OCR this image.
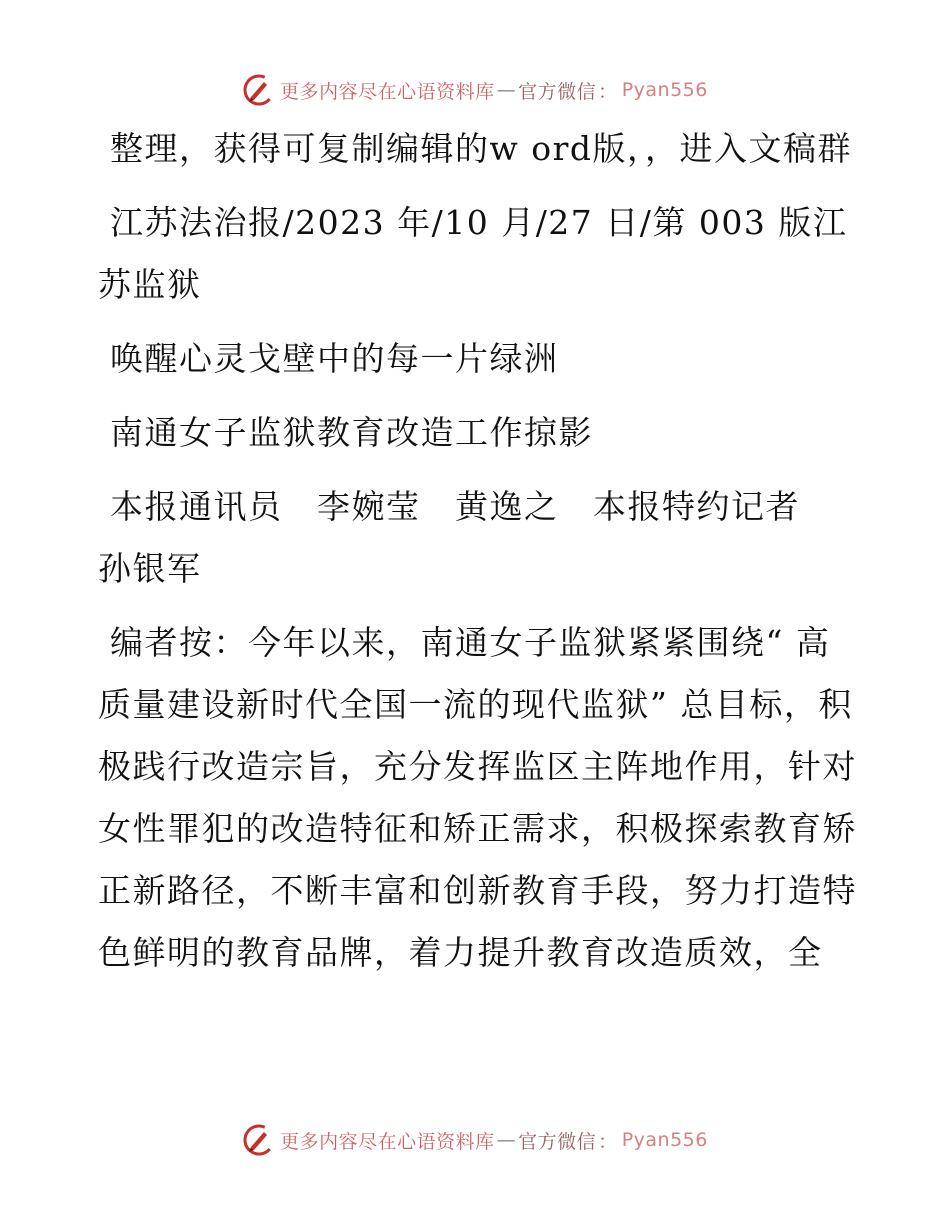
更多内容尽在心语资料库 — 官方微信 ： Pyan556

整理，获得可复制编辑的w ord版，，进入文稿群

江苏法治报/2023 年/10 月/27 日/第 003 版江苏监狱

唤醒心灵戈壁中的每一片绿洲

南通女子监狱教育改造工作掠影

本报通讯员　李婉莹　黄逸之　本报特约记者　孙银军

编者按：今年以来，南通女子监狱紧紧围绕“ 高质量建设新时代全国一流的现代监狱” 总目标，积极践行改造宗旨，充分发挥监区主阵地作用，针对女性罪犯的改造特征和矫正需求，积极探索教育矫正新路径，不断丰富和创新教育手段，努力打造特色鲜明的教育品牌，着力提升教育改造质效，全

更多内容尽在心语资料库 — 官方微信 ： Pyan556
